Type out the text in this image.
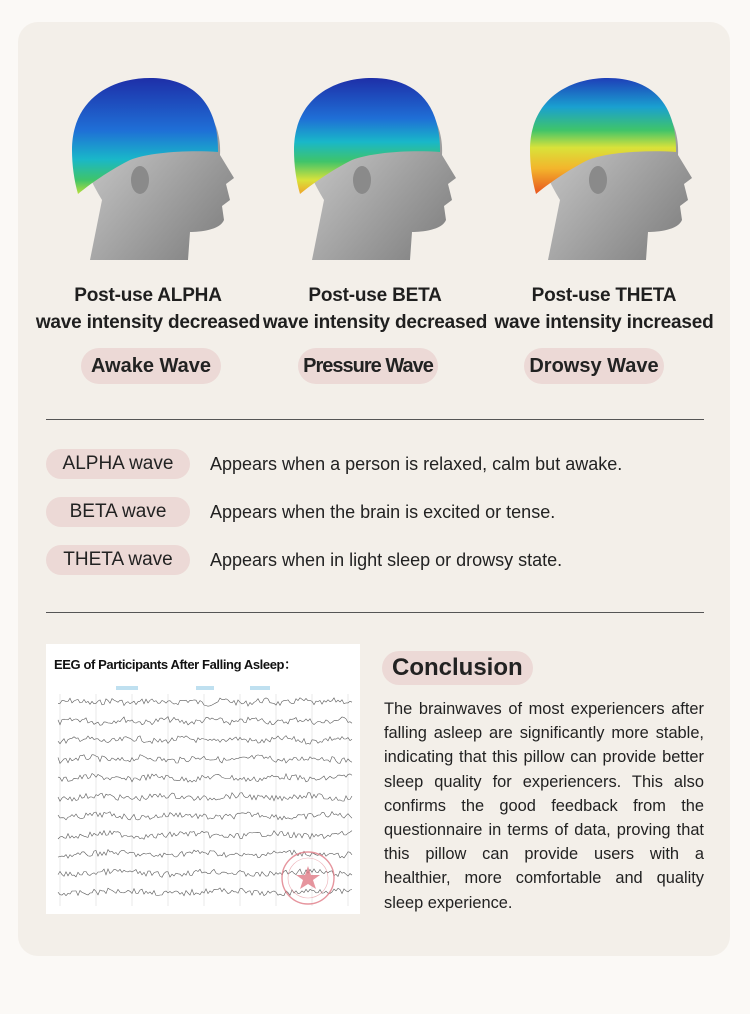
Post-use ALPHA
wave intensity decreased
Post-use BETA
wave intensity decreased
Post-use THETA
wave intensity increased
Awake Wave	Pressure Wave	Drowsy Wave
ALPHA wave	Appears when a person is relaxed, calm but awake.
BETA wave	Appears when the brain is excited or tense.
THETA wave	Appears when in light sleep or drowsy state.
EEG of Participants After Falling Asleep：	Conclusion
The brainwaves of most experiencers after falling asleep are significantly more stable, indicating that this pillow can provide better sleep quality for experiencers. This also confirms the good feedback from the questionnaire in terms of data, proving that this pillow can provide users with a healthier, more comfortable and quality sleep experience.
